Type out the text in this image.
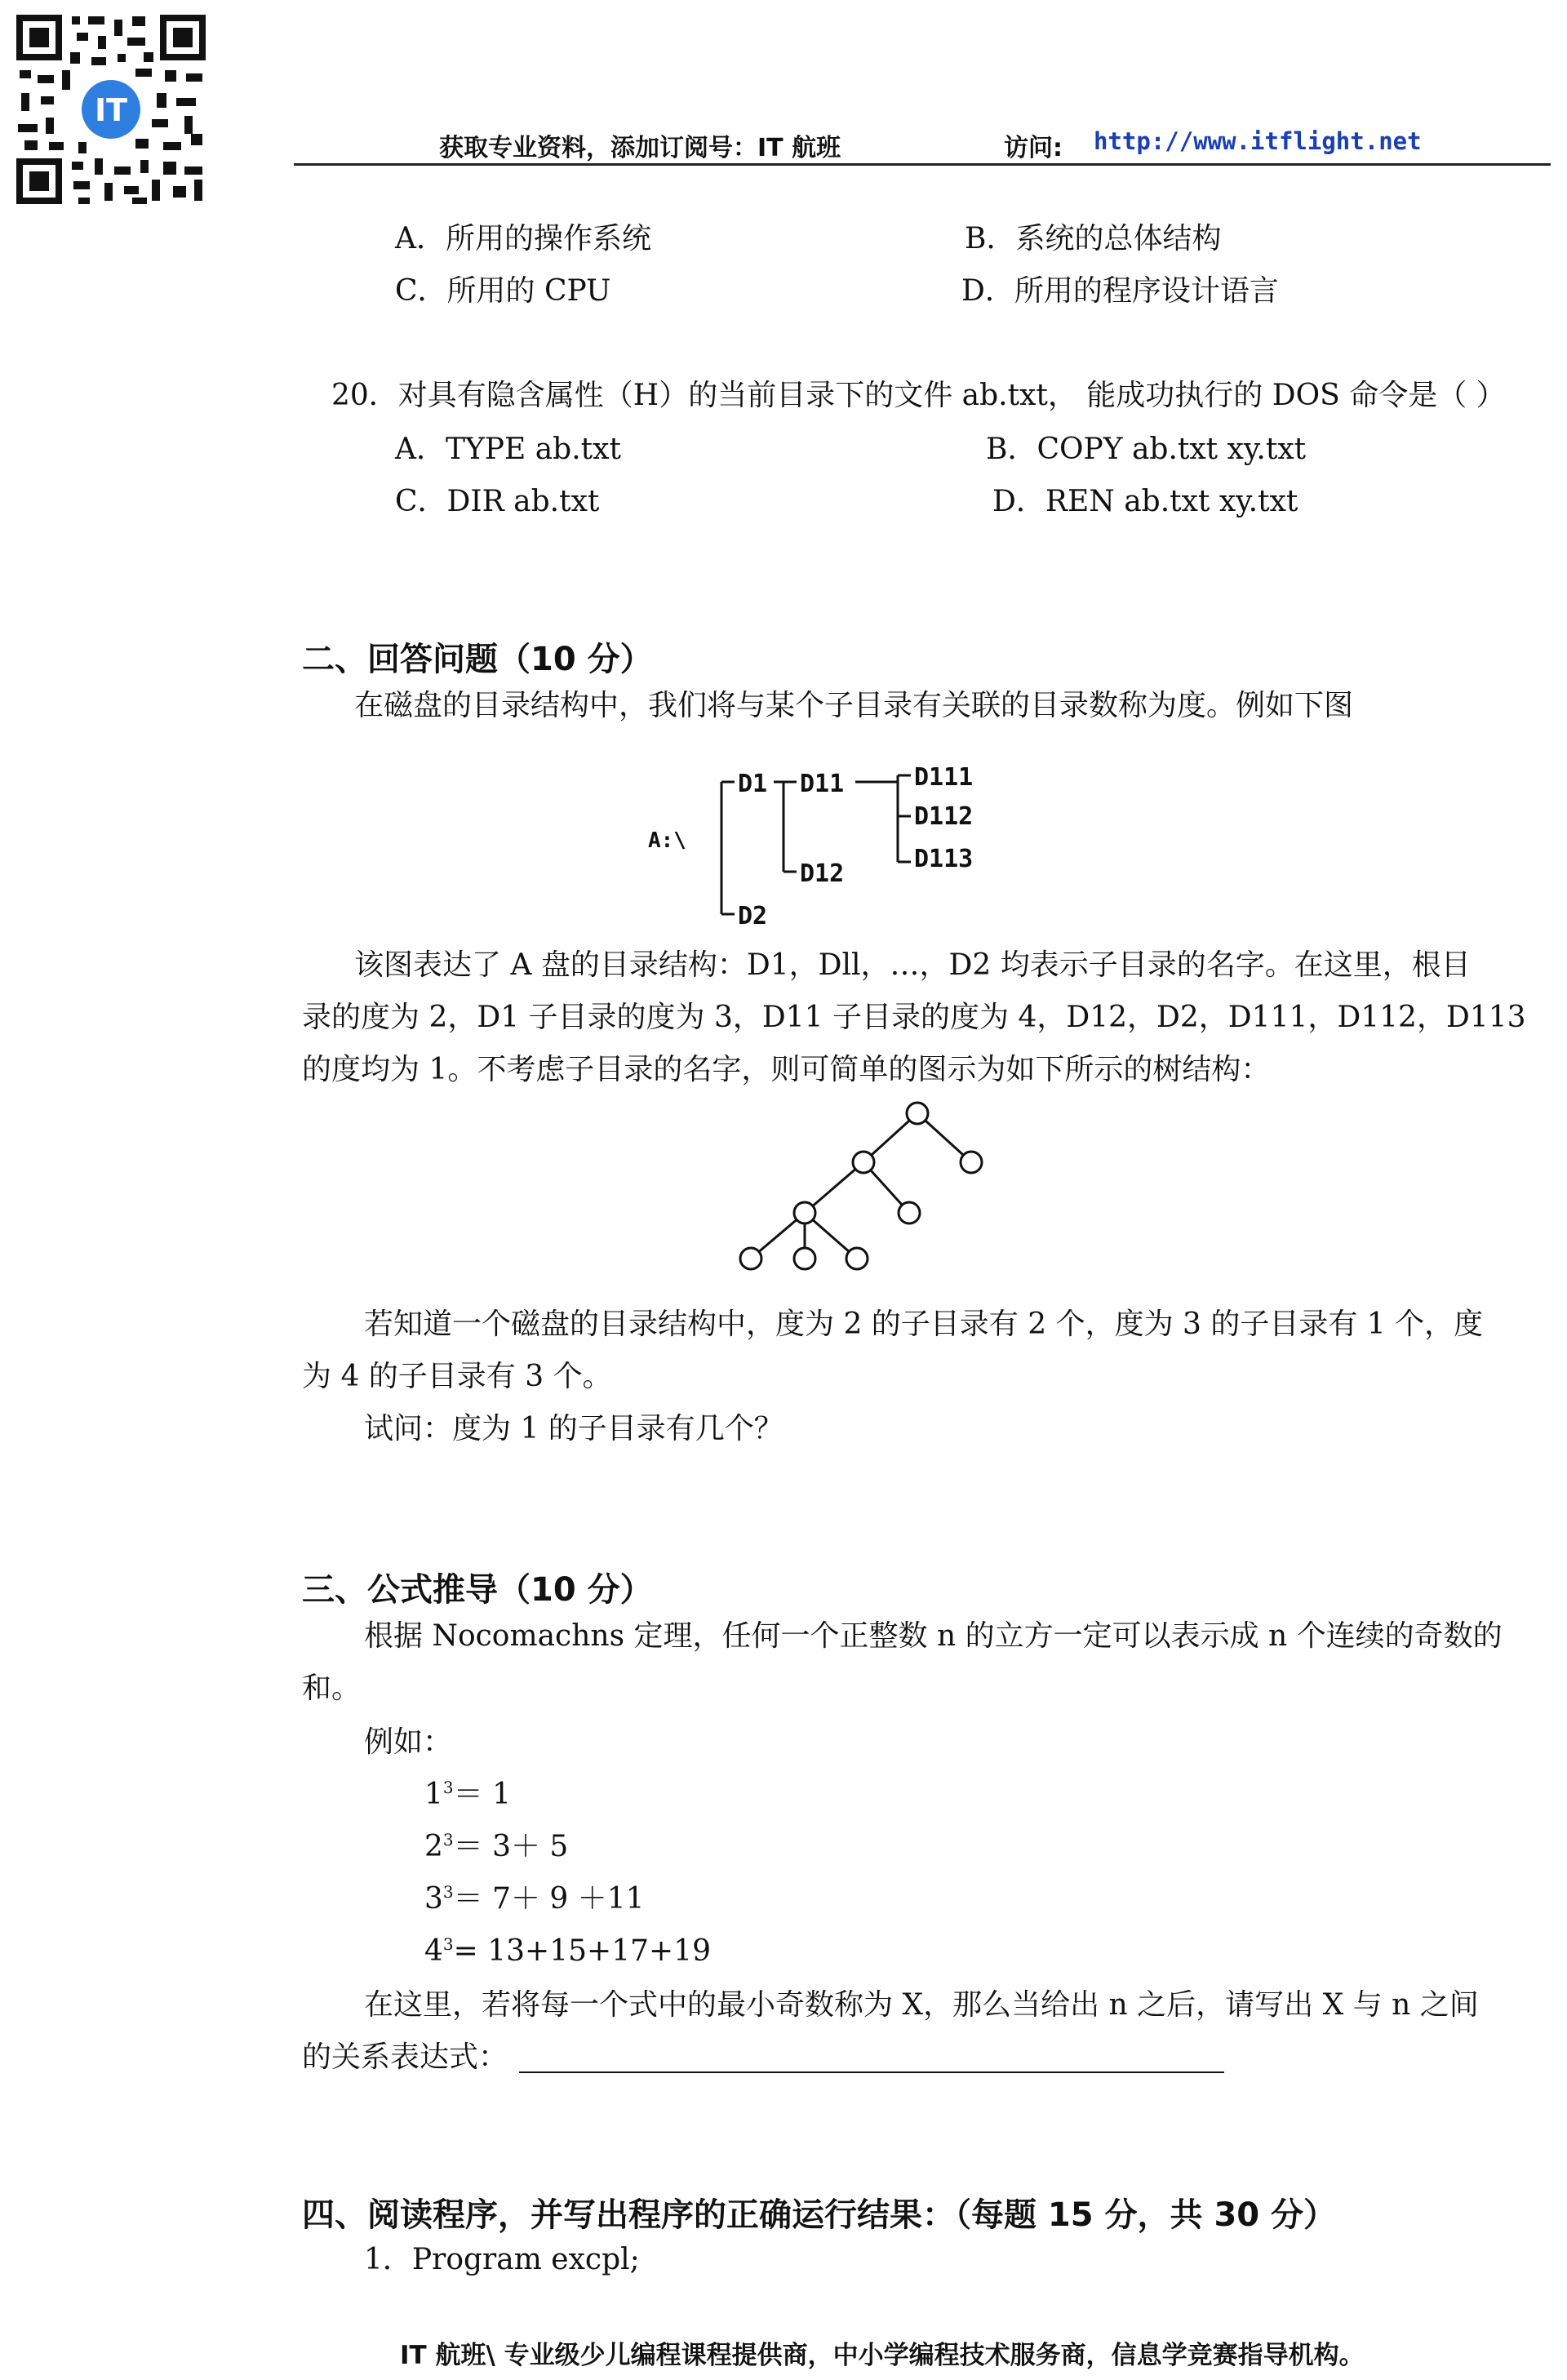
IT
获取专业资料，添加订阅号：IT 航班	访问: http://www.itflight.net
A．所用的操作系统	B．系统的总体结构
C．所用的 CPU	D．所用的程序设计语言
20．对具有隐含属性（H）的当前目录下的文件 ab.txt， 能成功执行的 DOS 命令是（ ）
A．TYPE ab.txt	B．COPY ab.txt xy.txt
C．DIR ab.txt	D．REN ab.txt xy.txt
二、回答问题（10 分）
在磁盘的目录结构中，我们将与某个子目录有关联的目录数称为度。例如下图
A:\
D1 D11
D12
D2
D111
D112
D113
该图表达了 A 盘的目录结构：D1，Dll，…，D2 均表示子目录的名字。在这里，根目
录的度为 2，D1 子目录的度为 3，D11 子目录的度为 4，D12，D2，D111，D112，D113
的度均为 1。不考虑子目录的名字，则可简单的图示为如下所示的树结构：
若知道一个磁盘的目录结构中，度为 2 的子目录有 2 个，度为 3 的子目录有 1 个，度
为 4 的子目录有 3 个。
试问：度为 1 的子目录有几个？
三、公式推导（10 分）
根据 Nocomachns 定理，任何一个正整数 n 的立方一定可以表示成 n 个连续的奇数的
和。
例如：
$1^3= 1$
$2^3= 3+ 5$
$3^3= 7+ 9 +11$
$4^3= 13+15+17+19$
在这里，若将每一个式中的最小奇数称为 X，那么当给出 n 之后，请写出 X 与 n 之间
的关系表达式：
四、阅读程序，并写出程序的正确运行结果：（每题 15 分，共 30 分）
1．Program excpl;
IT 航班\ 专业级少儿编程课程提供商，中小学编程技术服务商，信息学竞赛指导机构。
